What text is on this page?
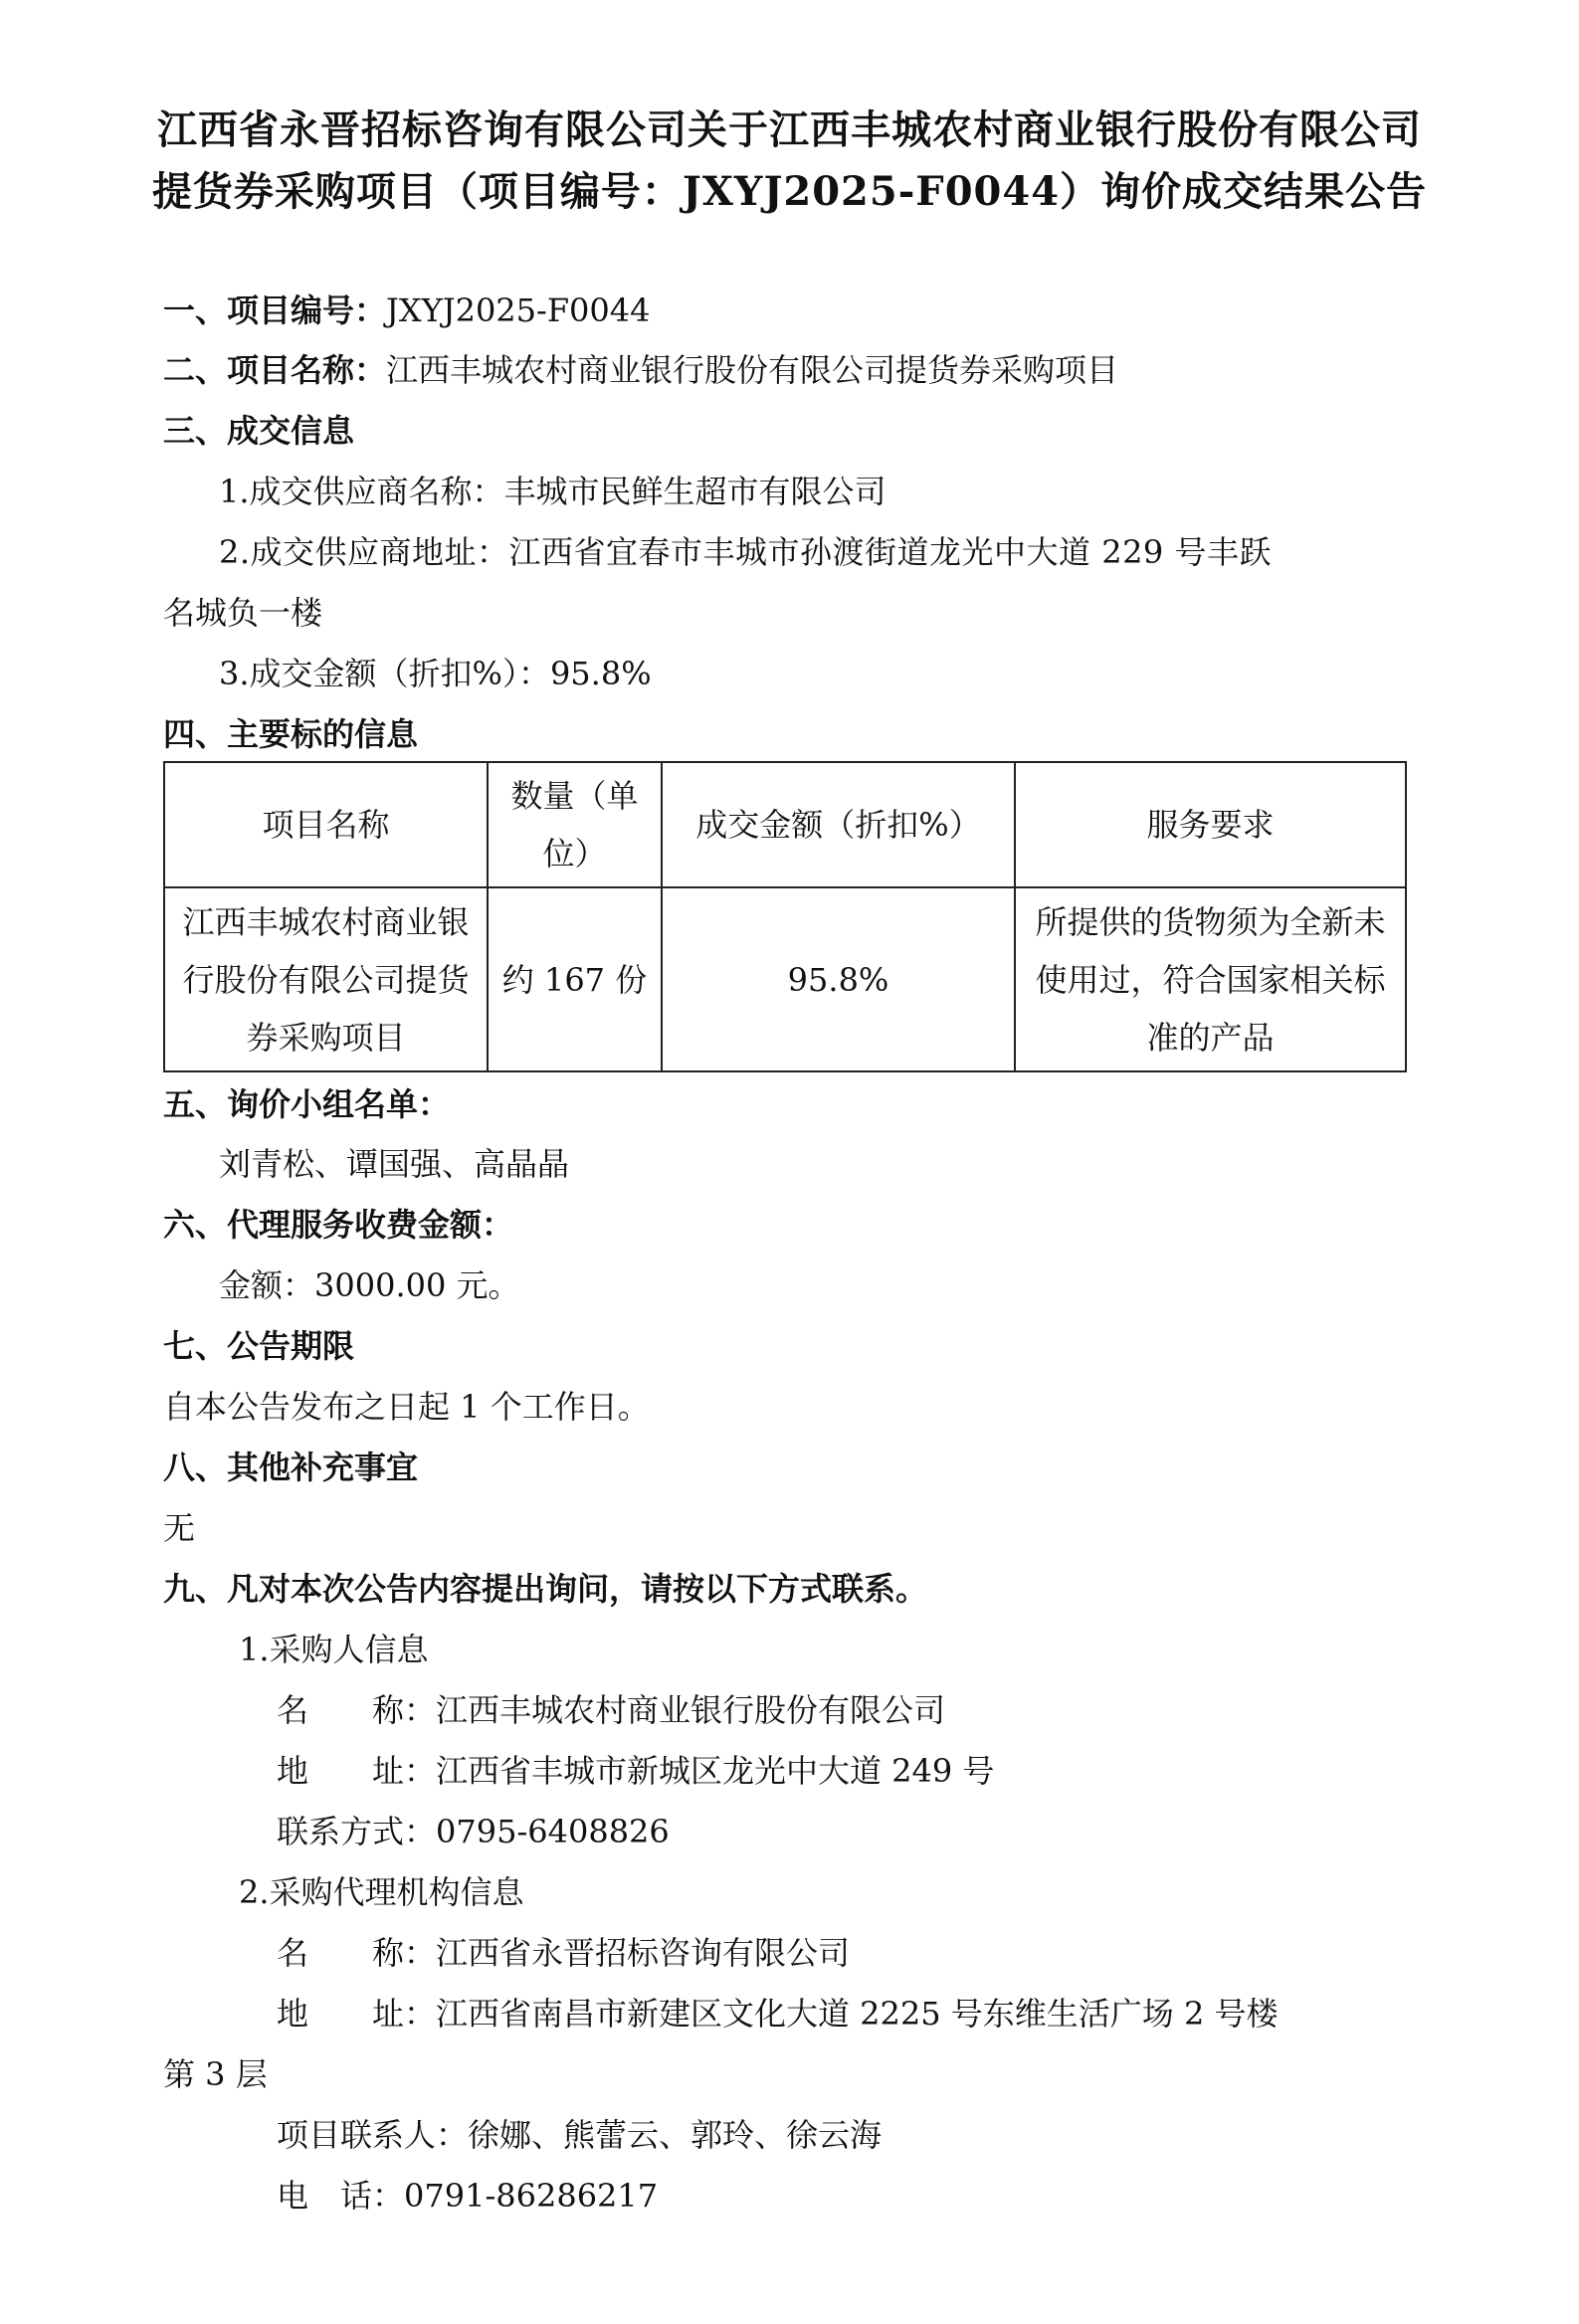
江西省永晋招标咨询有限公司关于江西丰城农村商业银行股份有限公司提货券采购项目（项目编号：JXYJ2025-F0044）询价成交结果公告
一、项目编号：JXYJ2025-F0044
二、项目名称：江西丰城农村商业银行股份有限公司提货券采购项目
三、成交信息
1.成交供应商名称：丰城市民鲜生超市有限公司
2.成交供应商地址：江西省宜春市丰城市孙渡街道龙光中大道 229 号丰跃
名城负一楼
3.成交金额（折扣%）：95.8%
四、主要标的信息
项目名称	数量（单位）	成交金额（折扣%）	服务要求
江西丰城农村商业银行股份有限公司提货券采购项目	约 167 份	95.8%	所提供的货物须为全新未使用过，符合国家相关标准的产品
五、询价小组名单：
刘青松、谭国强、高晶晶
六、代理服务收费金额：
金额：3000.00 元。
七、公告期限
自本公告发布之日起 1 个工作日。
八、其他补充事宜
无
九、凡对本次公告内容提出询问，请按以下方式联系。
1.采购人信息
名　　称：江西丰城农村商业银行股份有限公司
地　　址：江西省丰城市新城区龙光中大道 249 号
联系方式：0795-6408826
2.采购代理机构信息
名　　称：江西省永晋招标咨询有限公司
地　　址：江西省南昌市新建区文化大道 2225 号东维生活广场 2 号楼
第 3 层
项目联系人：徐娜、熊蕾云、郭玲、徐云海
电　话：0791-86286217
